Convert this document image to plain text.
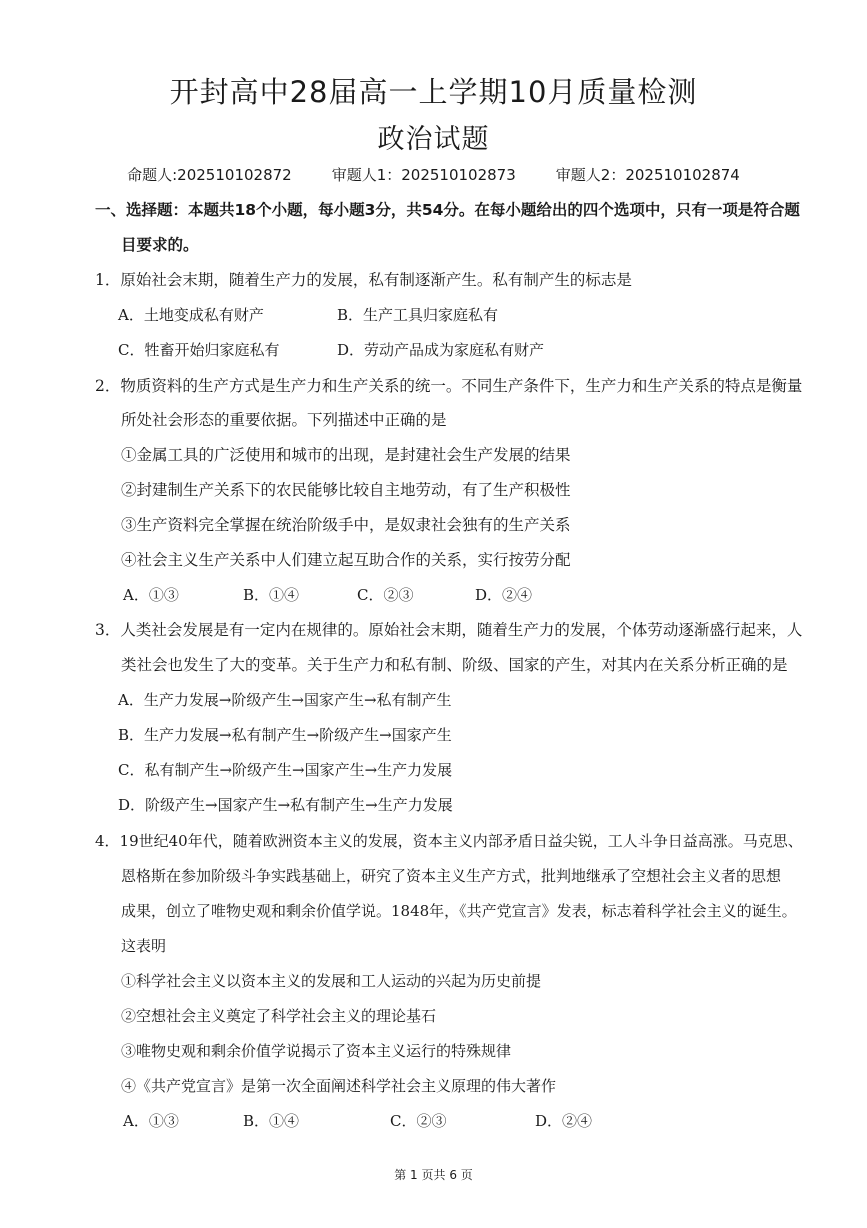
开封高中28届高一上学期10月质量检测
政治试题
命题人:202510102872	审题人1：202510102873	审题人2：202510102874
一、选择题：本题共18个小题，每小题3分，共54分。在每小题给出的四个选项中，只有一项是符合题
目要求的。
1．原始社会末期，随着生产力的发展，私有制逐渐产生。私有制产生的标志是
A．土地变成私有财产	B．生产工具归家庭私有
C．牲畜开始归家庭私有	D．劳动产品成为家庭私有财产
2．物质资料的生产方式是生产力和生产关系的统一。不同生产条件下，生产力和生产关系的特点是衡量
所处社会形态的重要依据。下列描述中正确的是
①金属工具的广泛使用和城市的出现，是封建社会生产发展的结果
②封建制生产关系下的农民能够比较自主地劳动，有了生产积极性
③生产资料完全掌握在统治阶级手中，是奴隶社会独有的生产关系
④社会主义生产关系中人们建立起互助合作的关系，实行按劳分配
A．①③	B．①④	C．②③	D．②④
3．人类社会发展是有一定内在规律的。原始社会末期，随着生产力的发展，个体劳动逐渐盛行起来，人
类社会也发生了大的变革。关于生产力和私有制、阶级、国家的产生，对其内在关系分析正确的是
A．生产力发展→阶级产生→国家产生→私有制产生
B．生产力发展→私有制产生→阶级产生→国家产生
C．私有制产生→阶级产生→国家产生→生产力发展
D．阶级产生→国家产生→私有制产生→生产力发展
4．19世纪40年代，随着欧洲资本主义的发展，资本主义内部矛盾日益尖锐，工人斗争日益高涨。马克思、
恩格斯在参加阶级斗争实践基础上，研究了资本主义生产方式，批判地继承了空想社会主义者的思想
成果，创立了唯物史观和剩余价值学说。1848年，《共产党宣言》发表，标志着科学社会主义的诞生。
这表明
①科学社会主义以资本主义的发展和工人运动的兴起为历史前提
②空想社会主义奠定了科学社会主义的理论基石
③唯物史观和剩余价值学说揭示了资本主义运行的特殊规律
④《共产党宣言》是第一次全面阐述科学社会主义原理的伟大著作
A．①③	B．①④	C．②③	D．②④
第 1 页共 6 页
